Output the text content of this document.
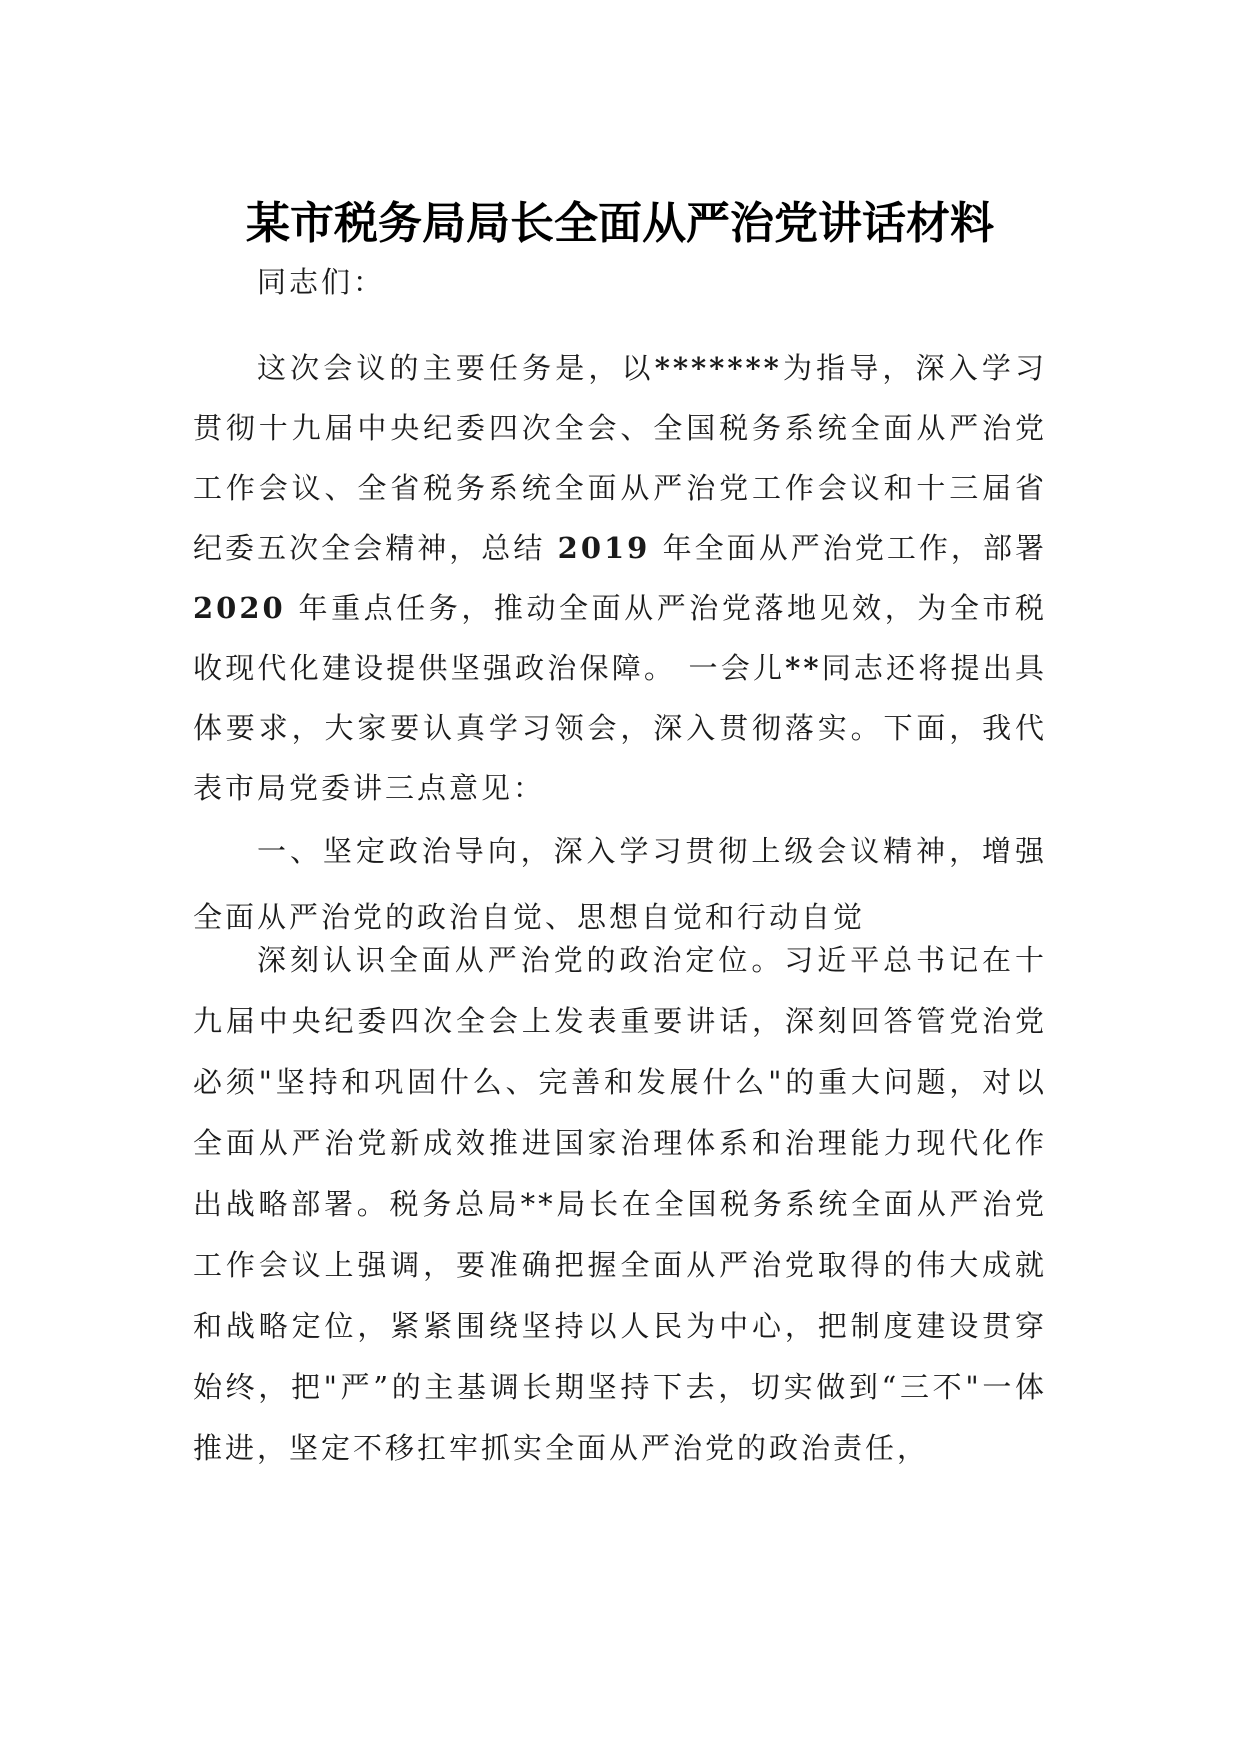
某市税务局局长全面从严治党讲话材料

同志们：

这次会议的主要任务是，以*******为指导，深入学习贯彻十九届中央纪委四次全会、全国税务系统全面从严治党工作会议、全省税务系统全面从严治党工作会议和十三届省纪委五次全会精神，总结 2019 年全面从严治党工作，部署 2020 年重点任务，推动全面从严治党落地见效，为全市税收现代化建设提供坚强政治保障。 一会儿**同志还将提出具体要求，大家要认真学习领会，深入贯彻落实。下面，我代表市局党委讲三点意见：

一、坚定政治导向，深入学习贯彻上级会议精神，增强全面从严治党的政治自觉、思想自觉和行动自觉

深刻认识全面从严治党的政治定位。习近平总书记在十九届中央纪委四次全会上发表重要讲话，深刻回答管党治党必须"坚持和巩固什么、完善和发展什么"的重大问题，对以全面从严治党新成效推进国家治理体系和治理能力现代化作出战略部署。税务总局**局长在全国税务系统全面从严治党工作会议上强调，要准确把握全面从严治党取得的伟大成就和战略定位，紧紧围绕坚持以人民为中心，把制度建设贯穿始终，把"严”的主基调长期坚持下去，切实做到“三不"一体推进，坚定不移扛牢抓实全面从严治党的政治责任，
